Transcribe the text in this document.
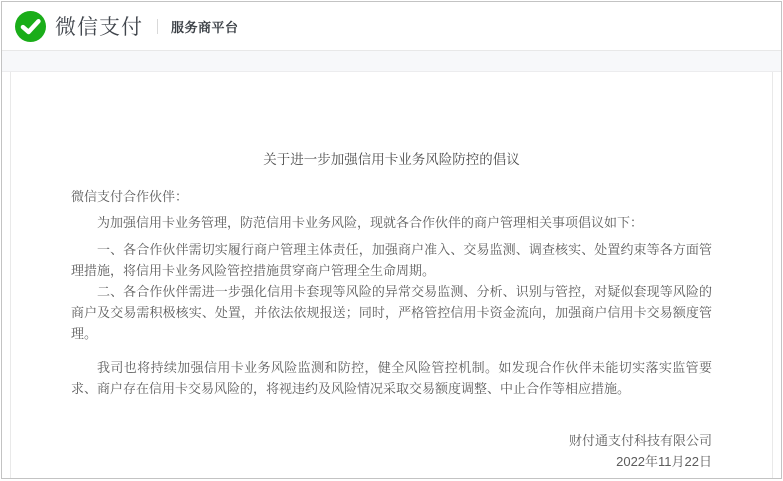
微信支付 服务商平台
关于进一步加强信用卡业务风险防控的倡议
微信支付合作伙伴：

为加强信用卡业务管理，防范信用卡业务风险，现就各合作伙伴的商户管理相关事项倡议如下：

一、各合作伙伴需切实履行商户管理主体责任，加强商户准入、交易监测、调查核实、处置约束等各方面管理措施，将信用卡业务风险管控措施贯穿商户管理全生命周期。

二、各合作伙伴需进一步强化信用卡套现等风险的异常交易监测、分析、识别与管控，对疑似套现等风险的商户及交易需积极核实、处置，并依法依规报送；同时，严格管控信用卡资金流向，加强商户信用卡交易额度管理。

我司也将持续加强信用卡业务风险监测和防控，健全风险管控机制。如发现合作伙伴未能切实落实监管要求、商户存在信用卡交易风险的，将视违约及风险情况采取交易额度调整、中止合作等相应措施。

财付通支付科技有限公司
2022年11月22日
